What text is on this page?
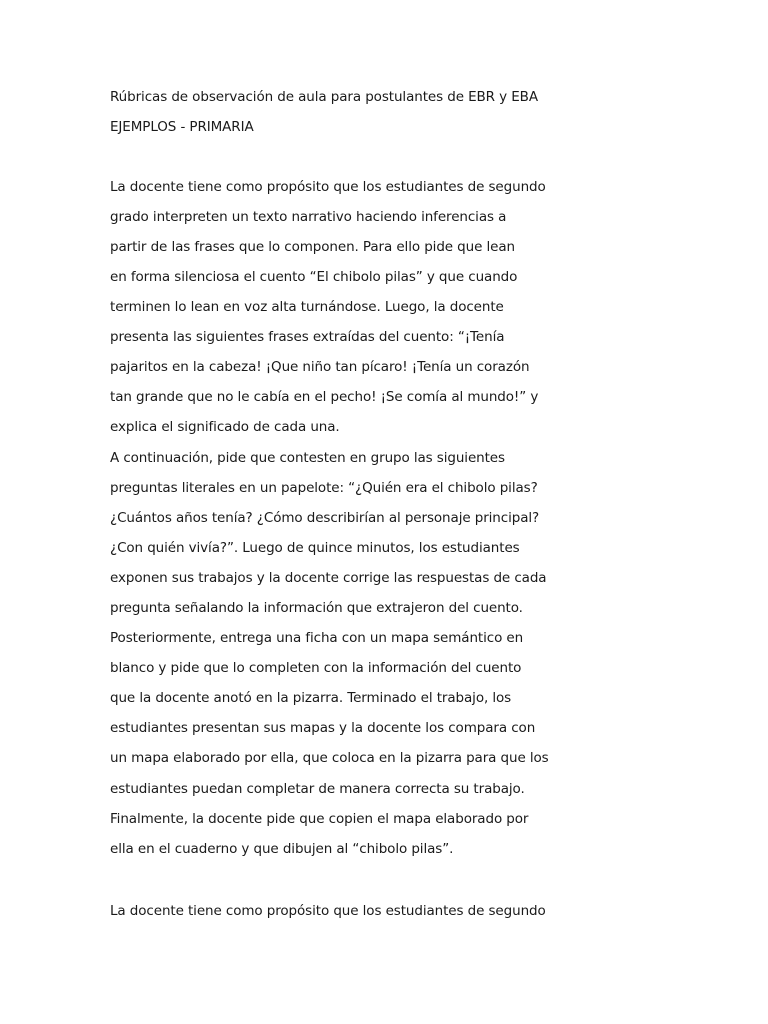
Rúbricas de observación de aula para postulantes de EBR y EBA
EJEMPLOS - PRIMARIA
La docente tiene como propósito que los estudiantes de segundo
grado interpreten un texto narrativo haciendo inferencias a
partir de las frases que lo componen. Para ello pide que lean
en forma silenciosa el cuento “El chibolo pilas” y que cuando
terminen lo lean en voz alta turnándose. Luego, la docente
presenta las siguientes frases extraídas del cuento: “¡Tenía
pajaritos en la cabeza! ¡Que niño tan pícaro! ¡Tenía un corazón
tan grande que no le cabía en el pecho! ¡Se comía al mundo!” y
explica el significado de cada una.
A continuación, pide que contesten en grupo las siguientes
preguntas literales en un papelote: “¿Quién era el chibolo pilas?
¿Cuántos años tenía? ¿Cómo describirían al personaje principal?
¿Con quién vivía?”. Luego de quince minutos, los estudiantes
exponen sus trabajos y la docente corrige las respuestas de cada
pregunta señalando la información que extrajeron del cuento.
Posteriormente, entrega una ficha con un mapa semántico en
blanco y pide que lo completen con la información del cuento
que la docente anotó en la pizarra. Terminado el trabajo, los
estudiantes presentan sus mapas y la docente los compara con
un mapa elaborado por ella, que coloca en la pizarra para que los
estudiantes puedan completar de manera correcta su trabajo.
Finalmente, la docente pide que copien el mapa elaborado por
ella en el cuaderno y que dibujen al “chibolo pilas”.
La docente tiene como propósito que los estudiantes de segundo
